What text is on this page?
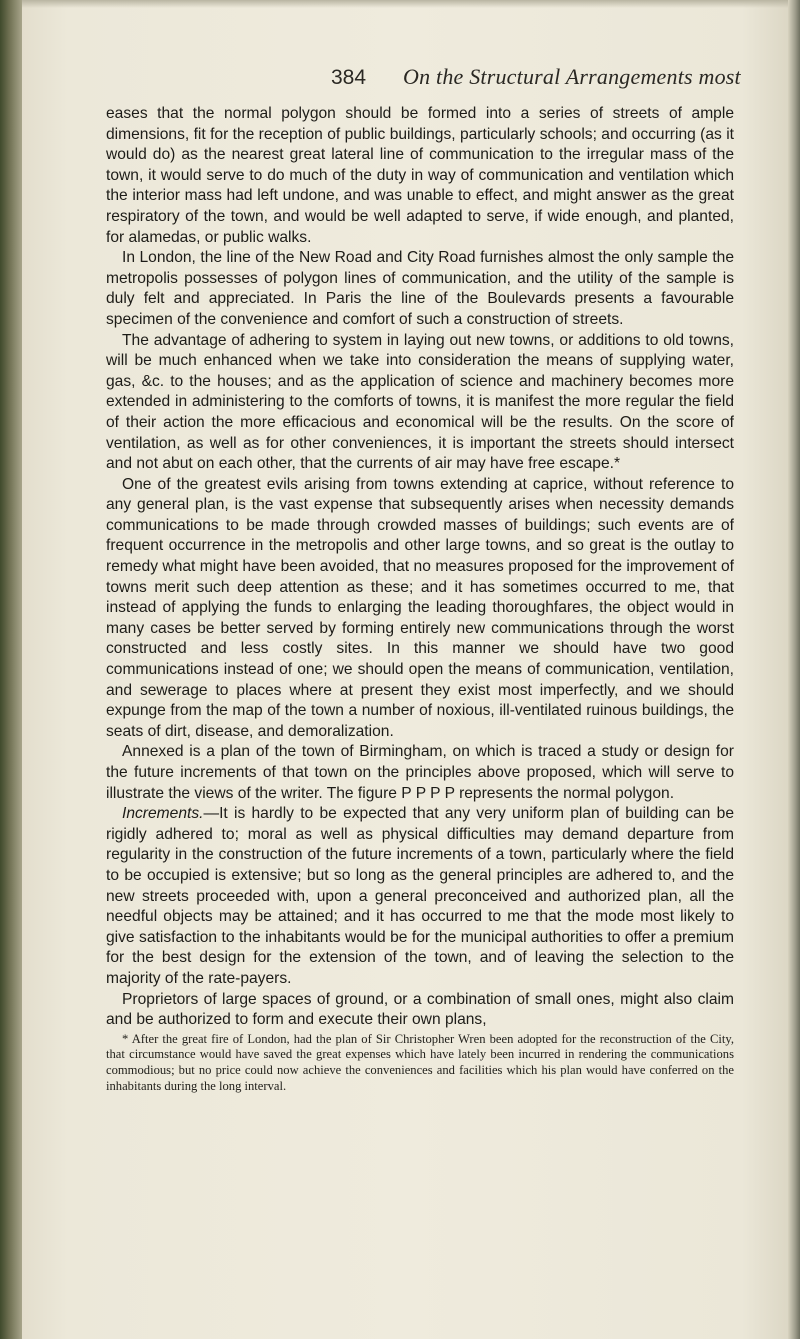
384 On the Structural Arrangements most

eases that the normal polygon should be formed into a series of streets of ample dimensions, fit for the reception of public buildings, particularly schools; and occurring (as it would do) as the nearest great lateral line of communication to the irregular mass of the town, it would serve to do much of the duty in way of communication and ventilation which the interior mass had left undone, and was unable to effect, and might answer as the great respiratory of the town, and would be well adapted to serve, if wide enough, and planted, for alamedas, or public walks.

In London, the line of the New Road and City Road furnishes almost the only sample the metropolis possesses of polygon lines of communication, and the utility of the sample is duly felt and appreciated. In Paris the line of the Boulevards presents a favourable specimen of the convenience and comfort of such a construction of streets.

The advantage of adhering to system in laying out new towns, or additions to old towns, will be much enhanced when we take into consideration the means of supplying water, gas, &c. to the houses; and as the application of science and machinery becomes more extended in administering to the comforts of towns, it is manifest the more regular the field of their action the more efficacious and economical will be the results. On the score of ventilation, as well as for other conveniences, it is important the streets should intersect and not abut on each other, that the currents of air may have free escape.*

One of the greatest evils arising from towns extending at caprice, without reference to any general plan, is the vast expense that subsequently arises when necessity demands communications to be made through crowded masses of buildings; such events are of frequent occurrence in the metropolis and other large towns, and so great is the outlay to remedy what might have been avoided, that no measures proposed for the improvement of towns merit such deep attention as these; and it has sometimes occurred to me, that instead of applying the funds to enlarging the leading thoroughfares, the object would in many cases be better served by forming entirely new communications through the worst constructed and less costly sites. In this manner we should have two good communications instead of one; we should open the means of communication, ventilation, and sewerage to places where at present they exist most imperfectly, and we should expunge from the map of the town a number of noxious, ill-ventilated ruinous buildings, the seats of dirt, disease, and demoralization.

Annexed is a plan of the town of Birmingham, on which is traced a study or design for the future increments of that town on the principles above proposed, which will serve to illustrate the views of the writer. The figure P P P P represents the normal polygon.

Increments.—It is hardly to be expected that any very uniform plan of building can be rigidly adhered to; moral as well as physical difficulties may demand departure from regularity in the construction of the future increments of a town, particularly where the field to be occupied is extensive; but so long as the general principles are adhered to, and the new streets proceeded with, upon a general preconceived and authorized plan, all the needful objects may be attained; and it has occurred to me that the mode most likely to give satisfaction to the inhabitants would be for the municipal authorities to offer a premium for the best design for the extension of the town, and of leaving the selection to the majority of the rate-payers.

Proprietors of large spaces of ground, or a combination of small ones, might also claim and be authorized to form and execute their own plans,

* After the great fire of London, had the plan of Sir Christopher Wren been adopted for the reconstruction of the City, that circumstance would have saved the great expenses which have lately been incurred in rendering the communications commodious; but no price could now achieve the conveniences and facilities which his plan would have conferred on the inhabitants during the long interval.
